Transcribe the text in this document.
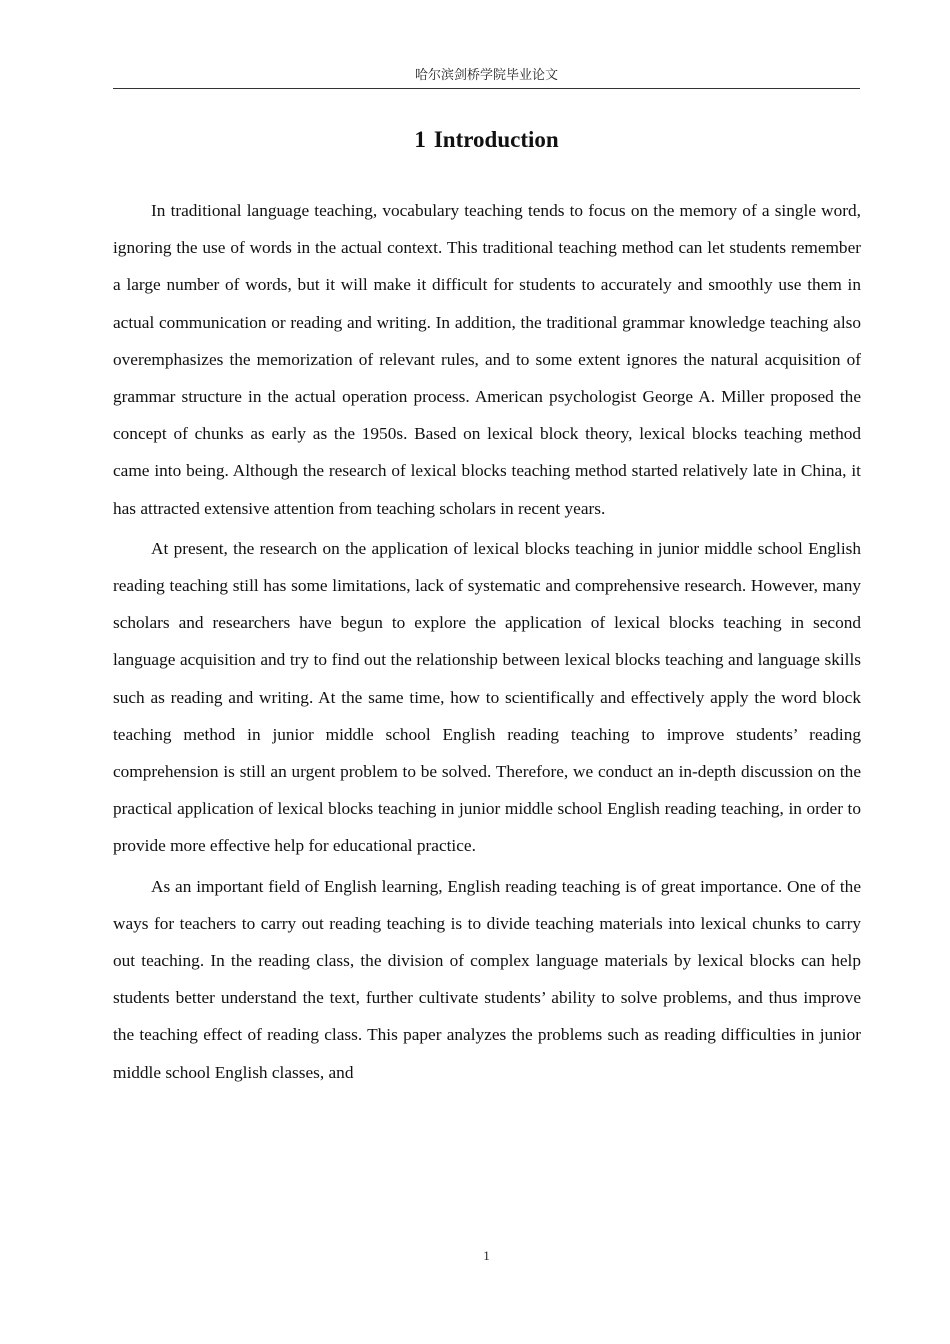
哈尔滨剑桥学院毕业论文
1 Introduction

In traditional language teaching, vocabulary teaching tends to focus on the memory of a single word, ignoring the use of words in the actual context. This traditional teaching method can let students remember a large number of words, but it will make it difficult for students to accurately and smoothly use them in actual communication or reading and writing. In addition, the traditional grammar knowledge teaching also overemphasizes the memorization of relevant rules, and to some extent ignores the natural acquisition of grammar structure in the actual operation process. American psychologist George A. Miller proposed the concept of chunks as early as the 1950s. Based on lexical block theory, lexical blocks teaching method came into being. Although the research of lexical blocks teaching method started relatively late in China, it has attracted extensive attention from teaching scholars in recent years.

At present, the research on the application of lexical blocks teaching in junior middle school English reading teaching still has some limitations, lack of systematic and comprehensive research. However, many scholars and researchers have begun to explore the application of lexical blocks teaching in second language acquisition and try to find out the relationship between lexical blocks teaching and language skills such as reading and writing. At the same time, how to scientifically and effectively apply the word block teaching method in junior middle school English reading teaching to improve students’ reading comprehension is still an urgent problem to be solved. Therefore, we conduct an in-depth discussion on the practical application of lexical blocks teaching in junior middle school English reading teaching, in order to provide more effective help for educational practice.

As an important field of English learning, English reading teaching is of great importance. One of the ways for teachers to carry out reading teaching is to divide teaching materials into lexical chunks to carry out teaching. In the reading class, the division of complex language materials by lexical blocks can help students better understand the text, further cultivate students’ ability to solve problems, and thus improve the teaching effect of reading class. This paper analyzes the problems such as reading difficulties in junior middle school English classes, and

1
